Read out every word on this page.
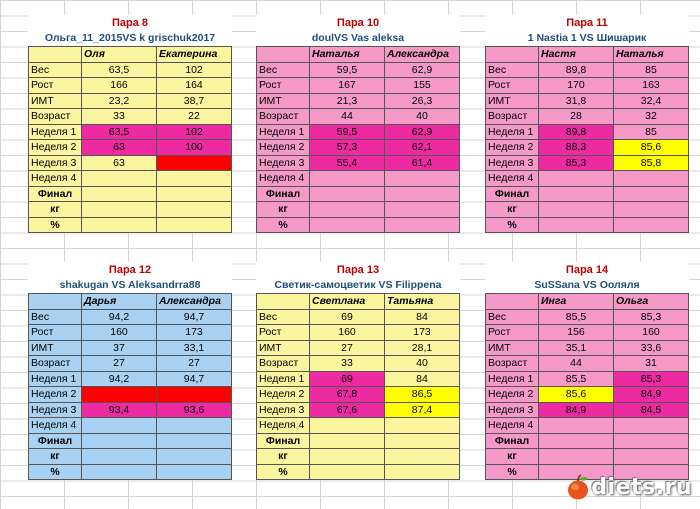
Пара 8
Ольга_11_2015VS k grischuk2017
	Оля	Екатерина
Вес	63,5	102
Рост	166	164
ИМТ	23,2	38,7
Возраст	33	22
Неделя 1	63,5	102
Неделя 2	63	100
Неделя 3	63	
Неделя 4		
Финал		
кг		
%		
Пара 10
doulVS Vas aleksa
	Наталья	Александра
Вес	59,5	62,9
Рост	167	155
ИМТ	21,3	26,3
Возраст	44	40
Неделя 1	59,5	62,9
Неделя 2	57,3	62,1
Неделя 3	55,4	61,4
Неделя 4		
Финал		
кг		
%		
Пара 11
1 Nastia 1 VS Шишарик
	Настя	Наталья
Вес	89,8	85
Рост	170	163
ИМТ	31,8	32,4
Возраст	28	32
Неделя 1	89,8	85
Неделя 2	88,3	85,6
Неделя 3	85,3	85,8
Неделя 4		
Финал		
кг		
%		
Пара 12
shakugan VS Aleksandrra88
	Дарья	Александра
Вес	94,2	94,7
Рост	160	173
ИМТ	37	33,1
Возраст	27	27
Неделя 1	94,2	94,7
Неделя 2		
Неделя 3	93,4	93,6
Неделя 4		
Финал		
кг		
%		
Пара 13
Светик-самоцветик VS Filippena
	Светлана	Татьяна
Вес	69	84
Рост	160	173
ИМТ	27	28,1
Возраст	33	40
Неделя 1	69	84
Неделя 2	67,8	86,5
Неделя 3	67,6	87,4
Неделя 4		
Финал		
кг		
%		
Пара 14
SuSSana VS Ооляля
	Инга	Ольга
Вес	85,5	85,3
Рост	156	160
ИМТ	35,1	33,6
Возраст	44	31
Неделя 1	85,5	85,3
Неделя 2	85,6	84,9
Неделя 3	84,9	84,5
Неделя 4		
Финал		
кг		
%		
diets.ru
